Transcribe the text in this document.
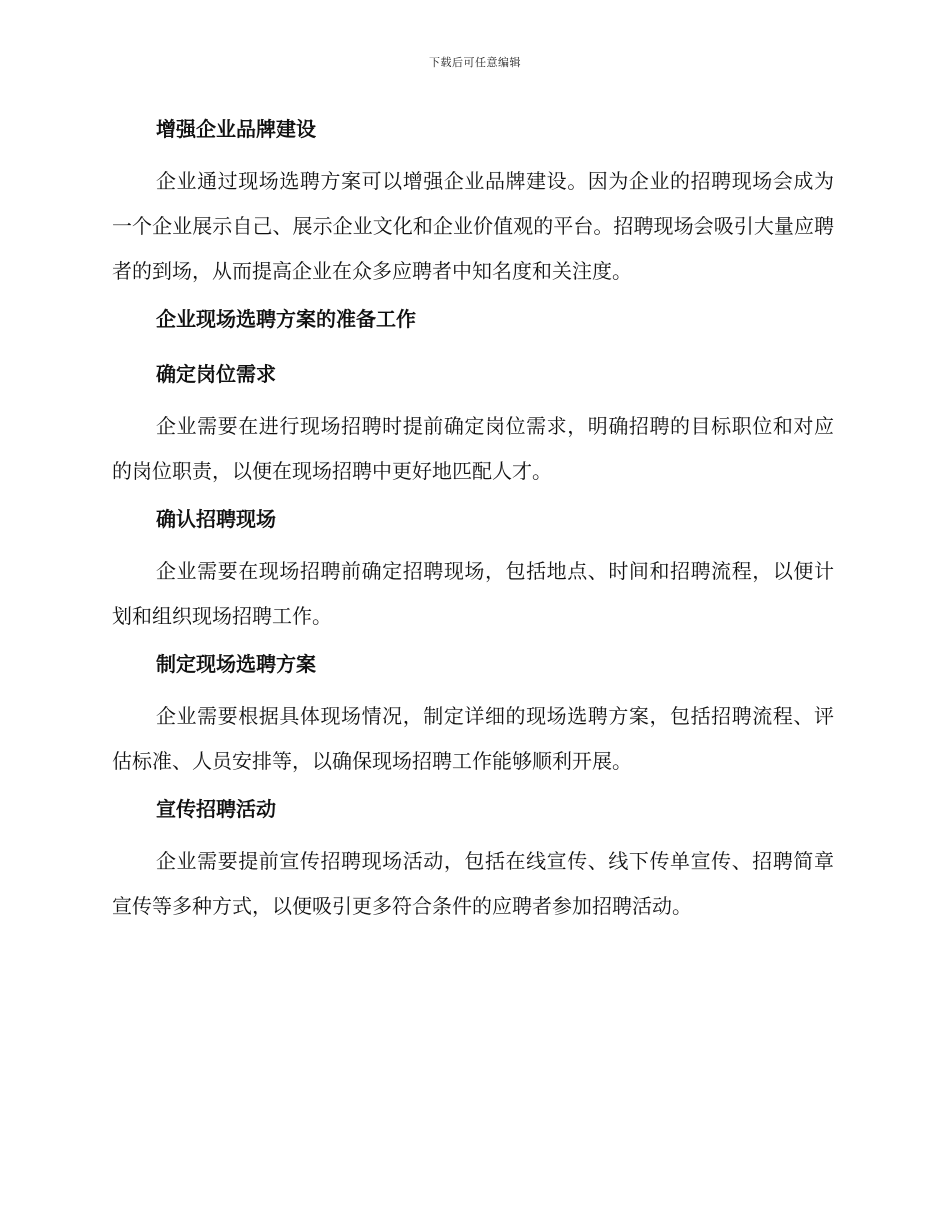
下载后可任意编辑
增强企业品牌建设

企业通过现场选聘方案可以增强企业品牌建设。因为企业的招聘现场会成为一个企业展示自己、展示企业文化和企业价值观的平台。招聘现场会吸引大量应聘者的到场，从而提高企业在众多应聘者中知名度和关注度。

企业现场选聘方案的准备工作
确定岗位需求

企业需要在进行现场招聘时提前确定岗位需求，明确招聘的目标职位和对应的岗位职责，以便在现场招聘中更好地匹配人才。

确认招聘现场

企业需要在现场招聘前确定招聘现场，包括地点、时间和招聘流程，以便计划和组织现场招聘工作。

制定现场选聘方案

企业需要根据具体现场情况，制定详细的现场选聘方案，包括招聘流程、评估标准、人员安排等，以确保现场招聘工作能够顺利开展。

宣传招聘活动

企业需要提前宣传招聘现场活动，包括在线宣传、线下传单宣传、招聘简章宣传等多种方式，以便吸引更多符合条件的应聘者参加招聘活动。
